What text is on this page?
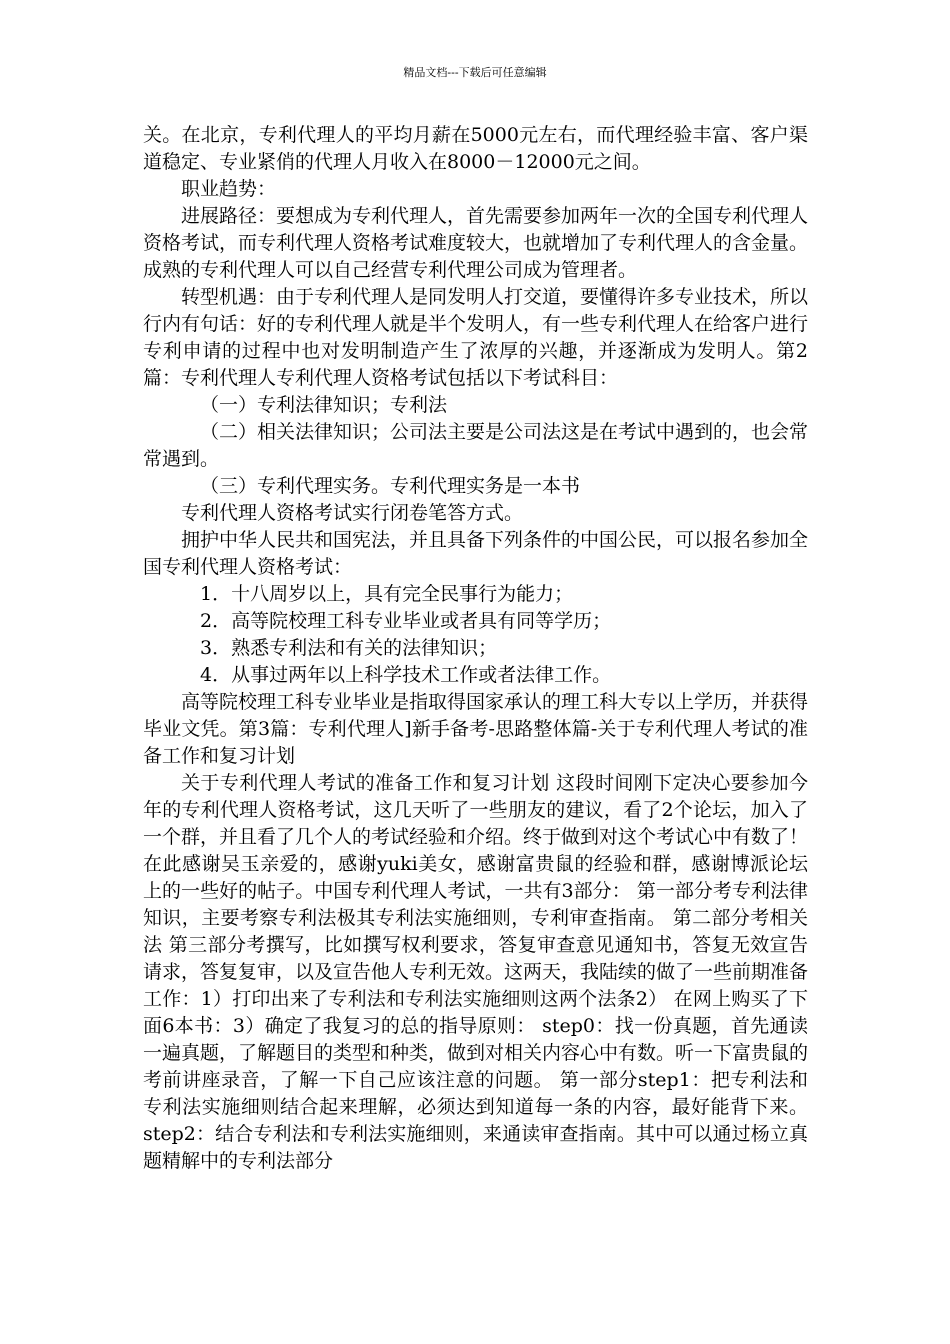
精品文档---下载后可任意编辑

关。在北京，专利代理人的平均月薪在5000元左右，而代理经验丰富、客户渠道稳定、专业紧俏的代理人月收入在8000－12000元之间。

职业趋势：

进展路径：要想成为专利代理人，首先需要参加两年一次的全国专利代理人资格考试，而专利代理人资格考试难度较大，也就增加了专利代理人的含金量。成熟的专利代理人可以自己经营专利代理公司成为管理者。

转型机遇：由于专利代理人是同发明人打交道，要懂得许多专业技术，所以行内有句话：好的专利代理人就是半个发明人，有一些专利代理人在给客户进行专利申请的过程中也对发明制造产生了浓厚的兴趣，并逐渐成为发明人。第2篇：专利代理人专利代理人资格考试包括以下考试科目：

（一）专利法律知识；专利法

（二）相关法律知识；公司法主要是公司法这是在考试中遇到的，也会常常遇到。

（三）专利代理实务。专利代理实务是一本书

专利代理人资格考试实行闭卷笔答方式。

拥护中华人民共和国宪法，并且具备下列条件的中国公民，可以报名参加全国专利代理人资格考试：

1．十八周岁以上，具有完全民事行为能力；

2．高等院校理工科专业毕业或者具有同等学历；

3．熟悉专利法和有关的法律知识；

4．从事过两年以上科学技术工作或者法律工作。

高等院校理工科专业毕业是指取得国家承认的理工科大专以上学历，并获得毕业文凭。第3篇：专利代理人]新手备考-思路整体篇-关于专利代理人考试的准备工作和复习计划

关于专利代理人考试的准备工作和复习计划 这段时间刚下定决心要参加今年的专利代理人资格考试，这几天听了一些朋友的建议，看了2个论坛，加入了一个群，并且看了几个人的考试经验和介绍。终于做到对这个考试心中有数了！在此感谢吴玉亲爱的，感谢yuki美女，感谢富贵鼠的经验和群，感谢博派论坛上的一些好的帖子。中国专利代理人考试，一共有3部分： 第一部分考专利法律知识，主要考察专利法极其专利法实施细则，专利审查指南。 第二部分考相关法 第三部分考撰写，比如撰写权利要求，答复审查意见通知书，答复无效宣告请求，答复复审，以及宣告他人专利无效。这两天，我陆续的做了一些前期准备工作：1）打印出来了专利法和专利法实施细则这两个法条2） 在网上购买了下面6本书：3）确定了我复习的总的指导原则： step0：找一份真题，首先通读一遍真题，了解题目的类型和种类，做到对相关内容心中有数。听一下富贵鼠的考前讲座录音，了解一下自己应该注意的问题。 第一部分step1：把专利法和专利法实施细则结合起来理解，必须达到知道每一条的内容，最好能背下来。 step2：结合专利法和专利法实施细则，来通读审查指南。其中可以通过杨立真题精解中的专利法部分
